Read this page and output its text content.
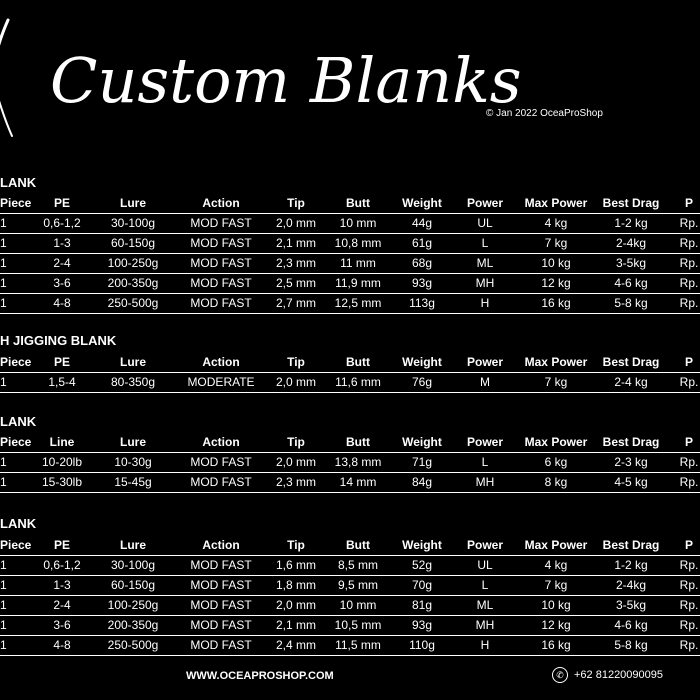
Custom Blanks
© Jan 2022 OceaProShop
LANK
Piece	PE	Lure	Action	Tip	Butt	Weight	Power	Max Power	Best Drag	P
1	0,6-1,2	30-100g	MOD FAST	2,0 mm	10 mm	44g	UL	4 kg	1-2 kg	Rp.
1	1-3	60-150g	MOD FAST	2,1 mm	10,8 mm	61g	L	7 kg	2-4kg	Rp.
1	2-4	100-250g	MOD FAST	2,3 mm	11 mm	68g	ML	10 kg	3-5kg	Rp.
1	3-6	200-350g	MOD FAST	2,5 mm	11,9 mm	93g	MH	12 kg	4-6 kg	Rp.
1	4-8	250-500g	MOD FAST	2,7 mm	12,5 mm	113g	H	16 kg	5-8 kg	Rp.
H JIGGING BLANK
Piece	PE	Lure	Action	Tip	Butt	Weight	Power	Max Power	Best Drag	P
1	1,5-4	80-350g	MODERATE	2,0 mm	11,6 mm	76g	M	7 kg	2-4 kg	Rp.
LANK
Piece	Line	Lure	Action	Tip	Butt	Weight	Power	Max Power	Best Drag	P
1	10-20lb	10-30g	MOD FAST	2,0 mm	13,8 mm	71g	L	6 kg	2-3 kg	Rp.
1	15-30lb	15-45g	MOD FAST	2,3 mm	14 mm	84g	MH	8 kg	4-5 kg	Rp.
LANK
Piece	PE	Lure	Action	Tip	Butt	Weight	Power	Max Power	Best Drag	P
1	0,6-1,2	30-100g	MOD FAST	1,6 mm	8,5 mm	52g	UL	4 kg	1-2 kg	Rp.
1	1-3	60-150g	MOD FAST	1,8 mm	9,5 mm	70g	L	7 kg	2-4kg	Rp.
1	2-4	100-250g	MOD FAST	2,0 mm	10 mm	81g	ML	10 kg	3-5kg	Rp.
1	3-6	200-350g	MOD FAST	2,1 mm	10,5 mm	93g	MH	12 kg	4-6 kg	Rp.
1	4-8	250-500g	MOD FAST	2,4 mm	11,5 mm	110g	H	16 kg	5-8 kg	Rp.
WWW.OCEAPROSHOP.COM	✆ +62 81220090095
